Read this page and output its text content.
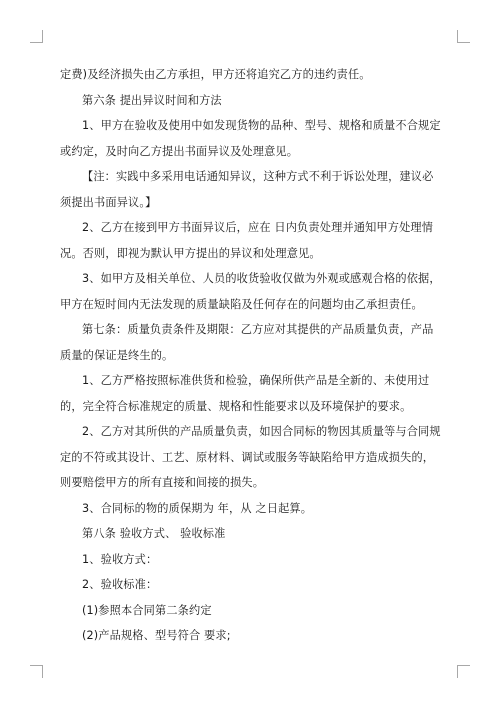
定费)及经济损失由乙方承担，甲方还将追究乙方的违约责任。

第六条 提出异议时间和方法

1、甲方在验收及使用中如发现货物的品种、型号、规格和质量不合规定或约定，及时向乙方提出书面异议及处理意见。

【注：实践中多采用电话通知异议，这种方式不利于诉讼处理，建议必须提出书面异议。】

2、乙方在接到甲方书面异议后，应在 日内负责处理并通知甲方处理情况。否则，即视为默认甲方提出的异议和处理意见。

3、如甲方及相关单位、人员的收货验收仅做为外观或感观合格的依据，甲方在短时间内无法发现的质量缺陷及任何存在的问题均由乙承担责任。

第七条：质量负责条件及期限：乙方应对其提供的产品质量负责，产品质量的保证是终生的。

1、乙方严格按照标准供货和检验，确保所供产品是全新的、未使用过的，完全符合标准规定的质量、规格和性能要求以及环境保护的要求。

2、乙方对其所供的产品质量负责，如因合同标的物因其质量等与合同规定的不符或其设计、工艺、原材料、调试或服务等缺陷给甲方造成损失的，则要赔偿甲方的所有直接和间接的损失。

3、合同标的物的质保期为 年，从 之日起算。

第八条 验收方式、 验收标准

1、验收方式：

2、验收标准：

(1)参照本合同第二条约定

(2)产品规格、型号符合 要求;
